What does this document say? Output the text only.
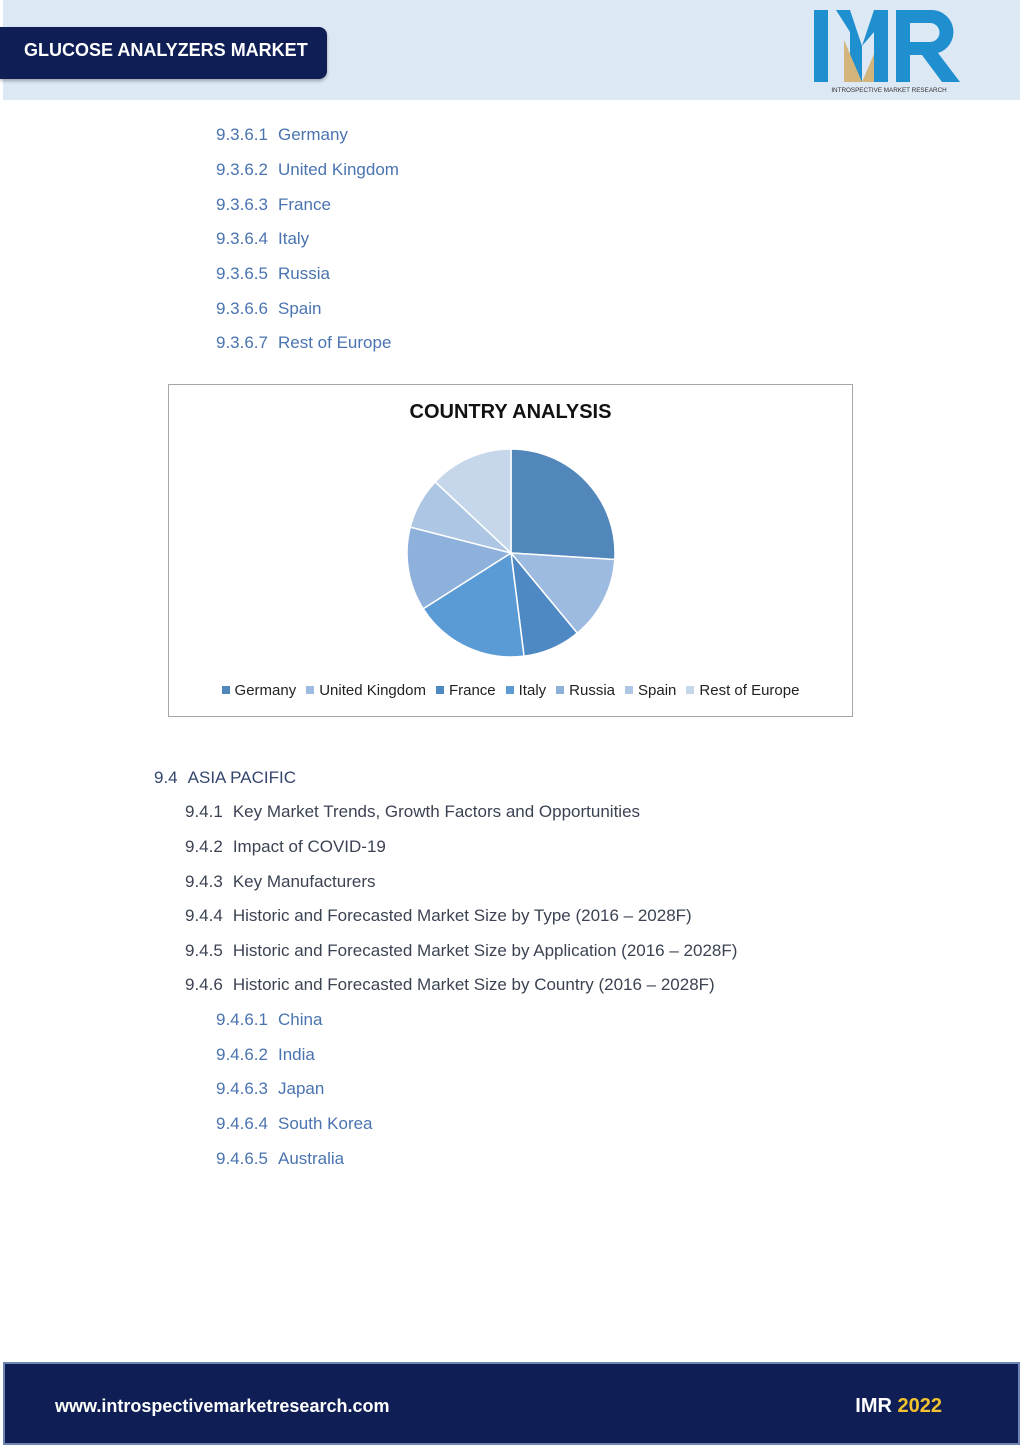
GLUCOSE ANALYZERS MARKET
INTROSPECTIVE MARKET RESEARCH
9.3.6.1 Germany
9.3.6.2 United Kingdom
9.3.6.3 France
9.3.6.4 Italy
9.3.6.5 Russia
9.3.6.6 Spain
9.3.6.7 Rest of Europe
9.4 ASIA PACIFIC
9.4.1 Key Market Trends, Growth Factors and Opportunities
9.4.2 Impact of COVID-19
9.4.3 Key Manufacturers
9.4.4 Historic and Forecasted Market Size by Type (2016 – 2028F)
9.4.5 Historic and Forecasted Market Size by Application (2016 – 2028F)
9.4.6 Historic and Forecasted Market Size by Country (2016 – 2028F)
9.4.6.1 China
9.4.6.2 India
9.4.6.3 Japan
9.4.6.4 South Korea
9.4.6.5 Australia
COUNTRY ANALYSIS
Germany United Kingdom France Italy Russia Spain Rest of Europe
www.introspectivemarketresearch.com	IMR 2022
